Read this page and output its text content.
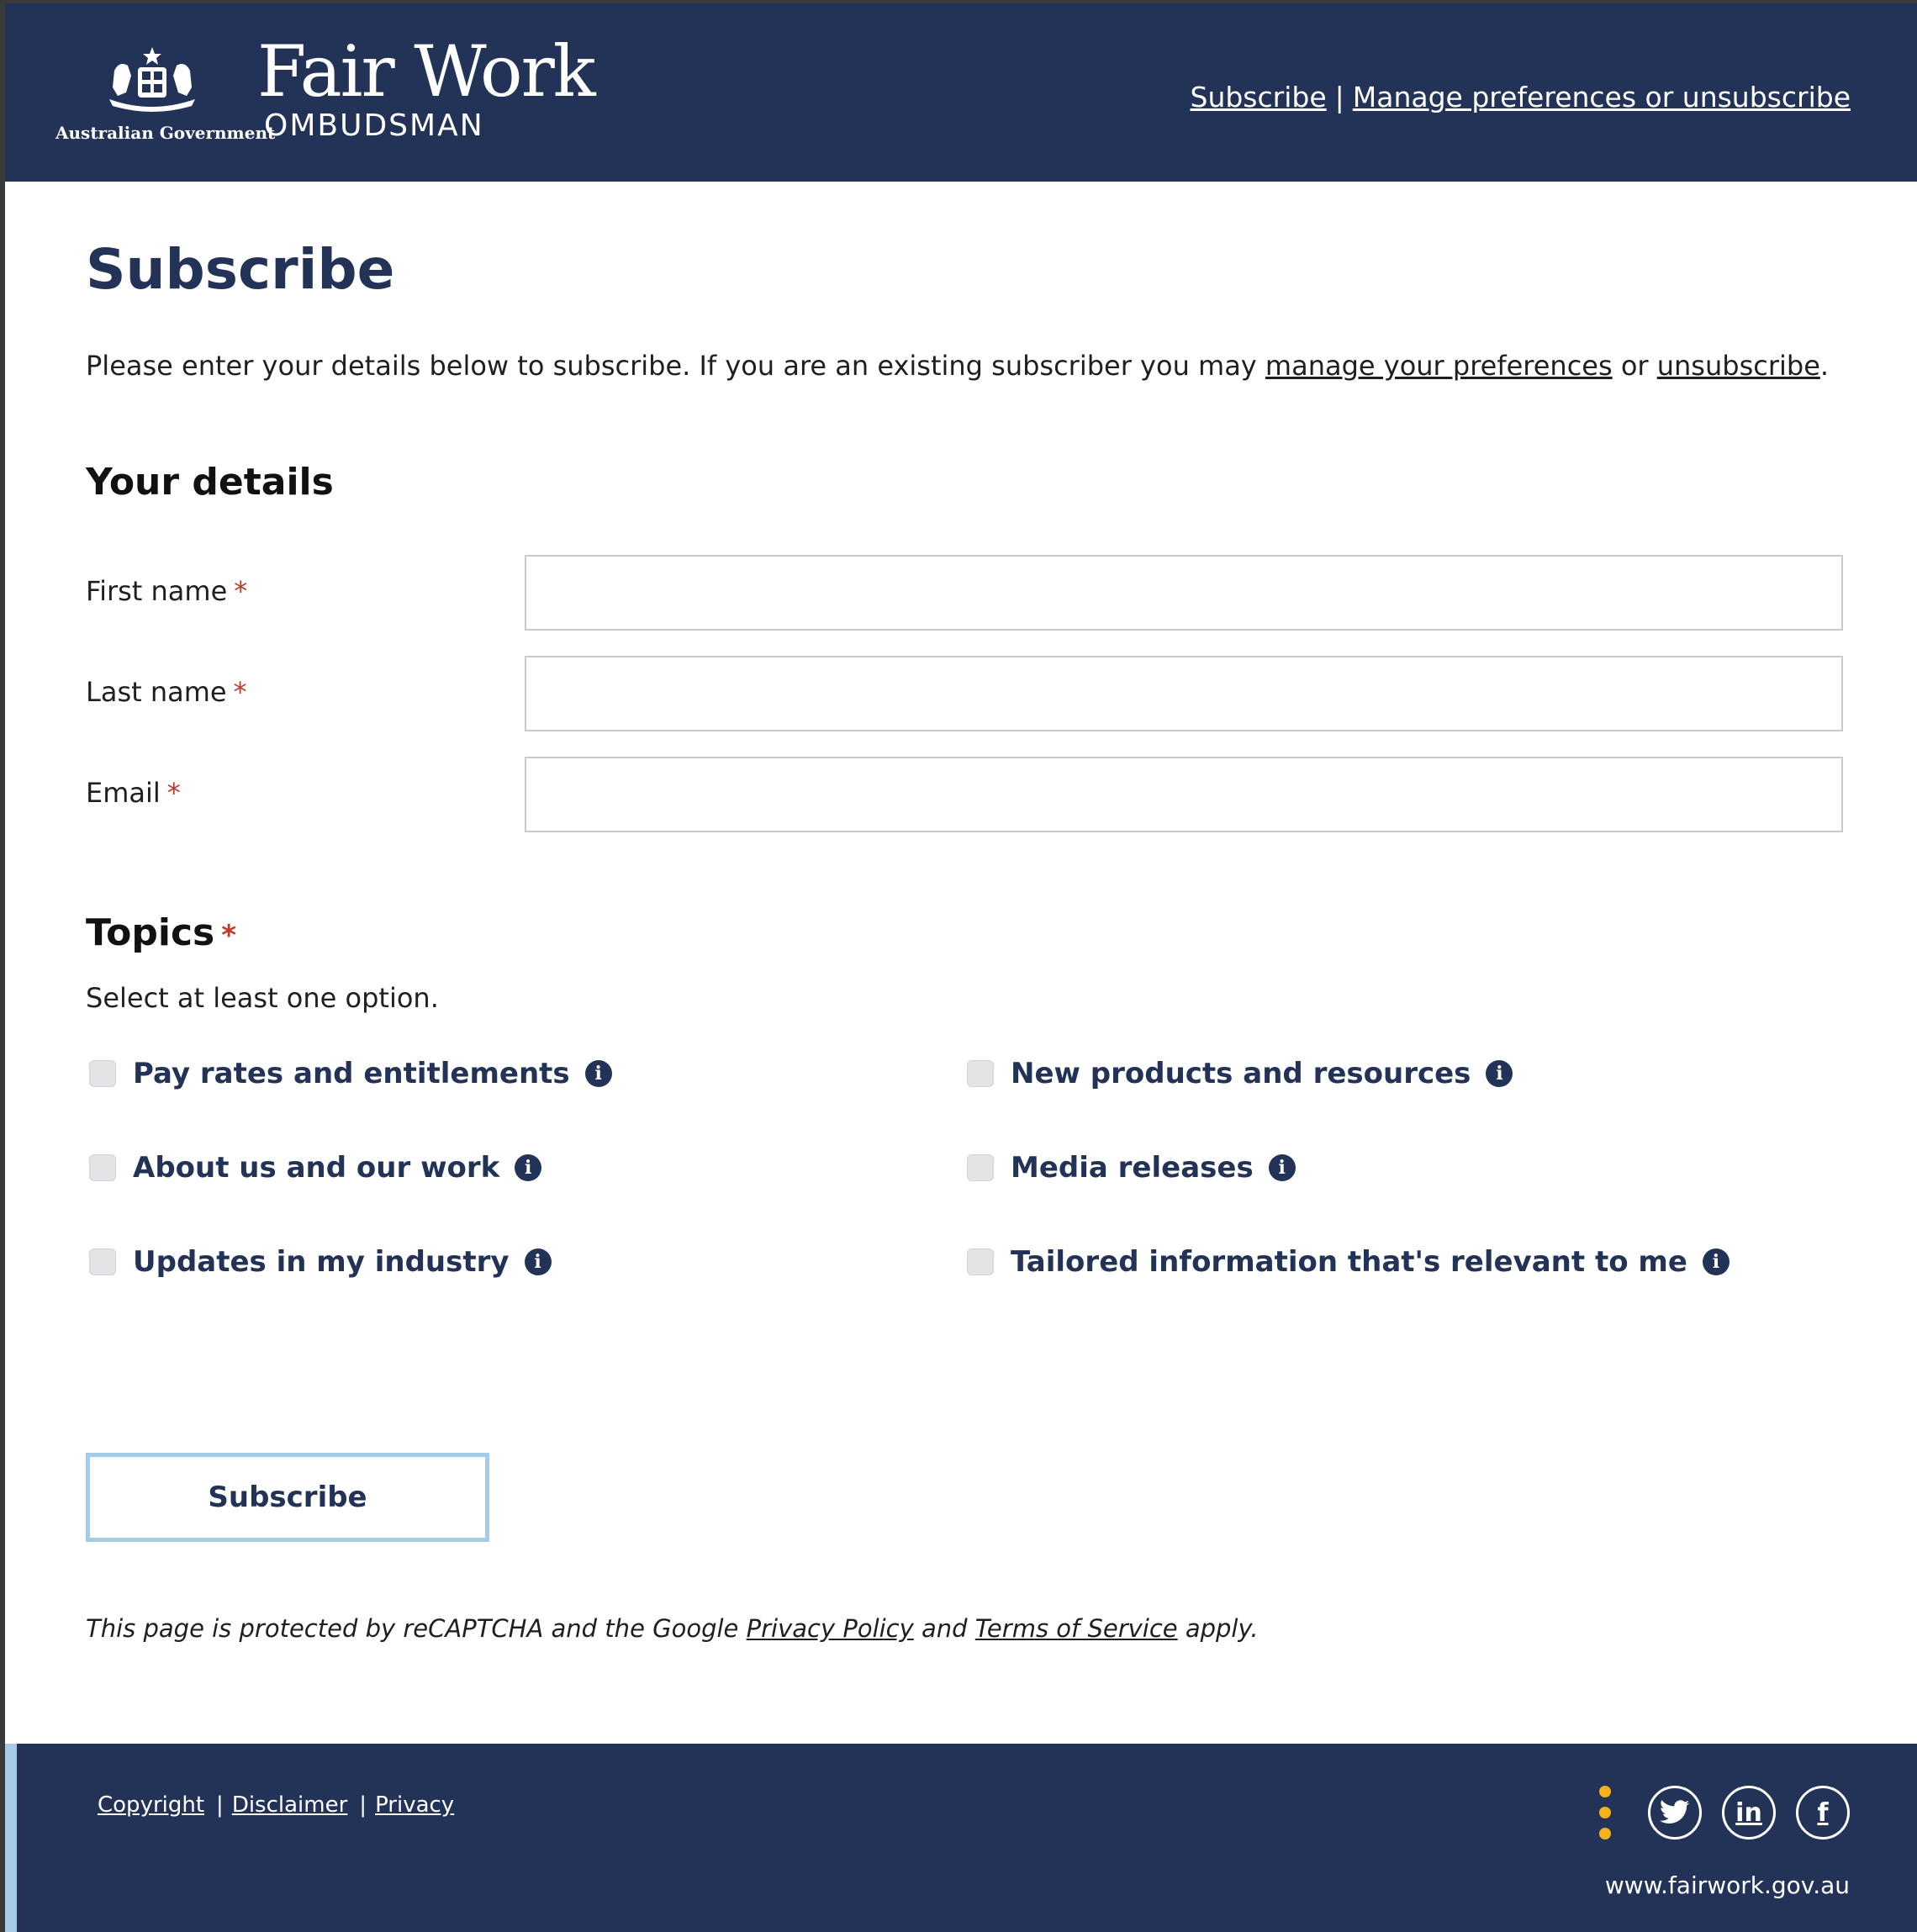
Australian Government
Fair Work
OMBUDSMAN
Subscribe | Manage preferences or unsubscribe
Subscribe

Please enter your details below to subscribe. If you are an existing subscriber you may manage your preferences or unsubscribe.

Your details
First name *
Last name *
Email *
Topics *

Select at least one option.

Pay rates and entitlements	i
About us and our work	i
Updates in my industry	i
New products and resources	i
Media releases	i
Tailored information that's relevant to me	i
Subscribe

This page is protected by reCAPTCHA and the Google Privacy Policy and Terms of Service apply.

Copyright | Disclaimer | Privacy	in	f
www.fairwork.gov.au
